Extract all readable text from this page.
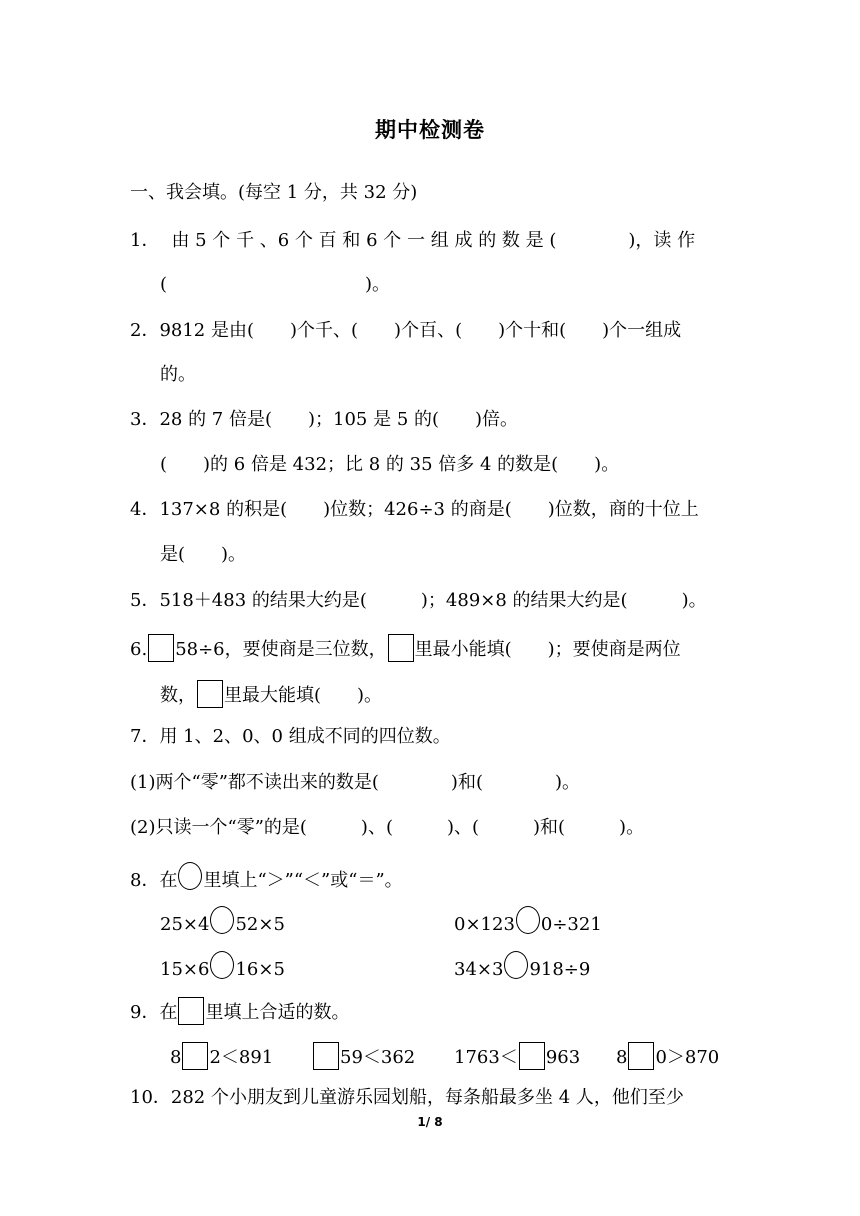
期中检测卷
一、我会填。(每空 1 分，共 32 分)
1． 由 5 个 千 、6 个 百 和 6 个 一 组 成 的 数 是 (　　　　)，读 作
(　　　　　　　　　　　)。
2．9812 是由(　　)个千、(　　)个百、(　　)个十和(　　)个一组成
的。
3．28 的 7 倍是(　　)；105 是 5 的(　　)倍。
(　　)的 6 倍是 432；比 8 的 35 倍多 4 的数是(　　)。
4．137×8 的积是(　　)位数；426÷3 的商是(　　)位数，商的十位上
是(　　)。
5．518＋483 的结果大约是(　　　)；489×8 的结果大约是(　　　)。
6. 58÷6，要使商是三位数， 里最小能填(　　)；要使商是两位
数， 里最大能填(　　)。
7．用 1、2、0、0 组成不同的四位数。
(1)两个“零”都不读出来的数是(　　　　)和(　　　　)。
(2)只读一个“零”的是(　　　)、(　　　)、(　　　)和(　　　)。
8．在 里填上“＞”“＜”或“＝”。
25×4 52×5	0×123 0÷321
15×6 16×5	34×3 918÷9
9．在 里填上合适的数。
8 2＜891	59＜362 1763＜ 963 8 0＞870
10．282 个小朋友到儿童游乐园划船，每条船最多坐 4 人，他们至少
1/ 8
